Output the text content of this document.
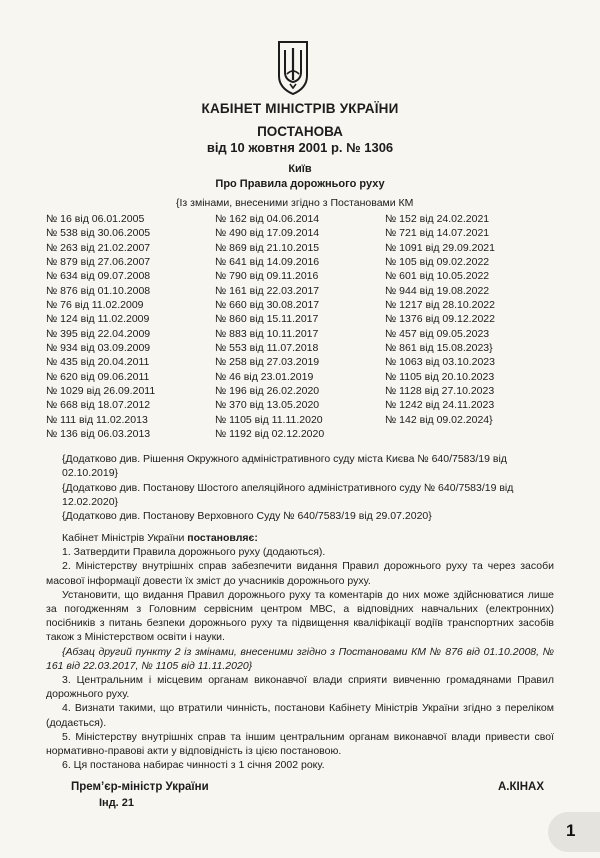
КАБІНЕТ МІНІСТРІВ УКРАЇНИ
ПОСТАНОВА
від 10 жовтня 2001 р. № 1306
Київ
Про Правила дорожнього руху
{Із змінами, внесеними згідно з Постановами КМ
№ 16 від 06.01.2005
№ 538 від 30.06.2005
№ 263 від 21.02.2007
№ 879 від 27.06.2007
№ 634 від 09.07.2008
№ 876 від 01.10.2008
№ 76 від 11.02.2009
№ 124 від 11.02.2009
№ 395 від 22.04.2009
№ 934 від 03.09.2009
№ 435 від 20.04.2011
№ 620 від 09.06.2011
№ 1029 від 26.09.2011
№ 668 від 18.07.2012
№ 111 від 11.02.2013
№ 136 від 06.03.2013
№ 162 від 04.06.2014
№ 490 від 17.09.2014
№ 869 від 21.10.2015
№ 641 від 14.09.2016
№ 790 від 09.11.2016
№ 161 від 22.03.2017
№ 660 від 30.08.2017
№ 860 від 15.11.2017
№ 883 від 10.11.2017
№ 553 від 11.07.2018
№ 258 від 27.03.2019
№ 46 від 23.01.2019
№ 196 від 26.02.2020
№ 370 від 13.05.2020
№ 1105 від 11.11.2020
№ 1192 від 02.12.2020
№ 152 від 24.02.2021
№ 721 від 14.07.2021
№ 1091 від 29.09.2021
№ 105 від 09.02.2022
№ 601 від 10.05.2022
№ 944 від 19.08.2022
№ 1217 від 28.10.2022
№ 1376 від 09.12.2022
№ 457 від 09.05.2023
№ 861 від 15.08.2023}
№ 1063 від 03.10.2023
№ 1105 від 20.10.2023
№ 1128 від 27.10.2023
№ 1242 від 24.11.2023
№ 142 від 09.02.2024}
{Додатково див. Рішення Окружного адміністративного суду міста Києва № 640/7583/19 від 02.10.2019}
{Додатково див. Постанову Шостого апеляційного адміністративного суду № 640/7583/19 від 12.02.2020}
{Додатково див. Постанову Верховного Суду № 640/7583/19 від 29.07.2020}

Кабінет Міністрів України постановляє:

1. Затвердити Правила дорожнього руху (додаються).

2. Міністерству внутрішніх справ забезпечити видання Правил дорожнього руху та через засоби масової інформації довести їх зміст до учасників дорожнього руху.

Установити, що видання Правил дорожнього руху та коментарів до них може здійснюватися лише за погодженням з Головним сервісним центром МВС, а відповідних навчальних (електронних) посібників з питань безпеки дорожнього руху та підвищення кваліфікації водіїв транспортних засобів також з Міністерством освіти і науки.

{Абзац другий пункту 2 із змінами, внесеними згідно з Постановами КМ № 876 від 01.10.2008, № 161 від 22.03.2017, № 1105 від 11.11.2020}

3. Центральним і місцевим органам виконавчої влади сприяти вивченню громадянами Правил дорожнього руху.

4. Визнати такими, що втратили чинність, постанови Кабінету Міністрів України згідно з переліком (додається).

5. Міністерству внутрішніх справ та іншим центральним органам виконавчої влади привести свої нормативно-правові акти у відповідність із цією постановою.

6. Ця постанова набирає чинності з 1 січня 2002 року.

Прем’єр-міністр України	А.КІНАХ
Інд. 21
1
